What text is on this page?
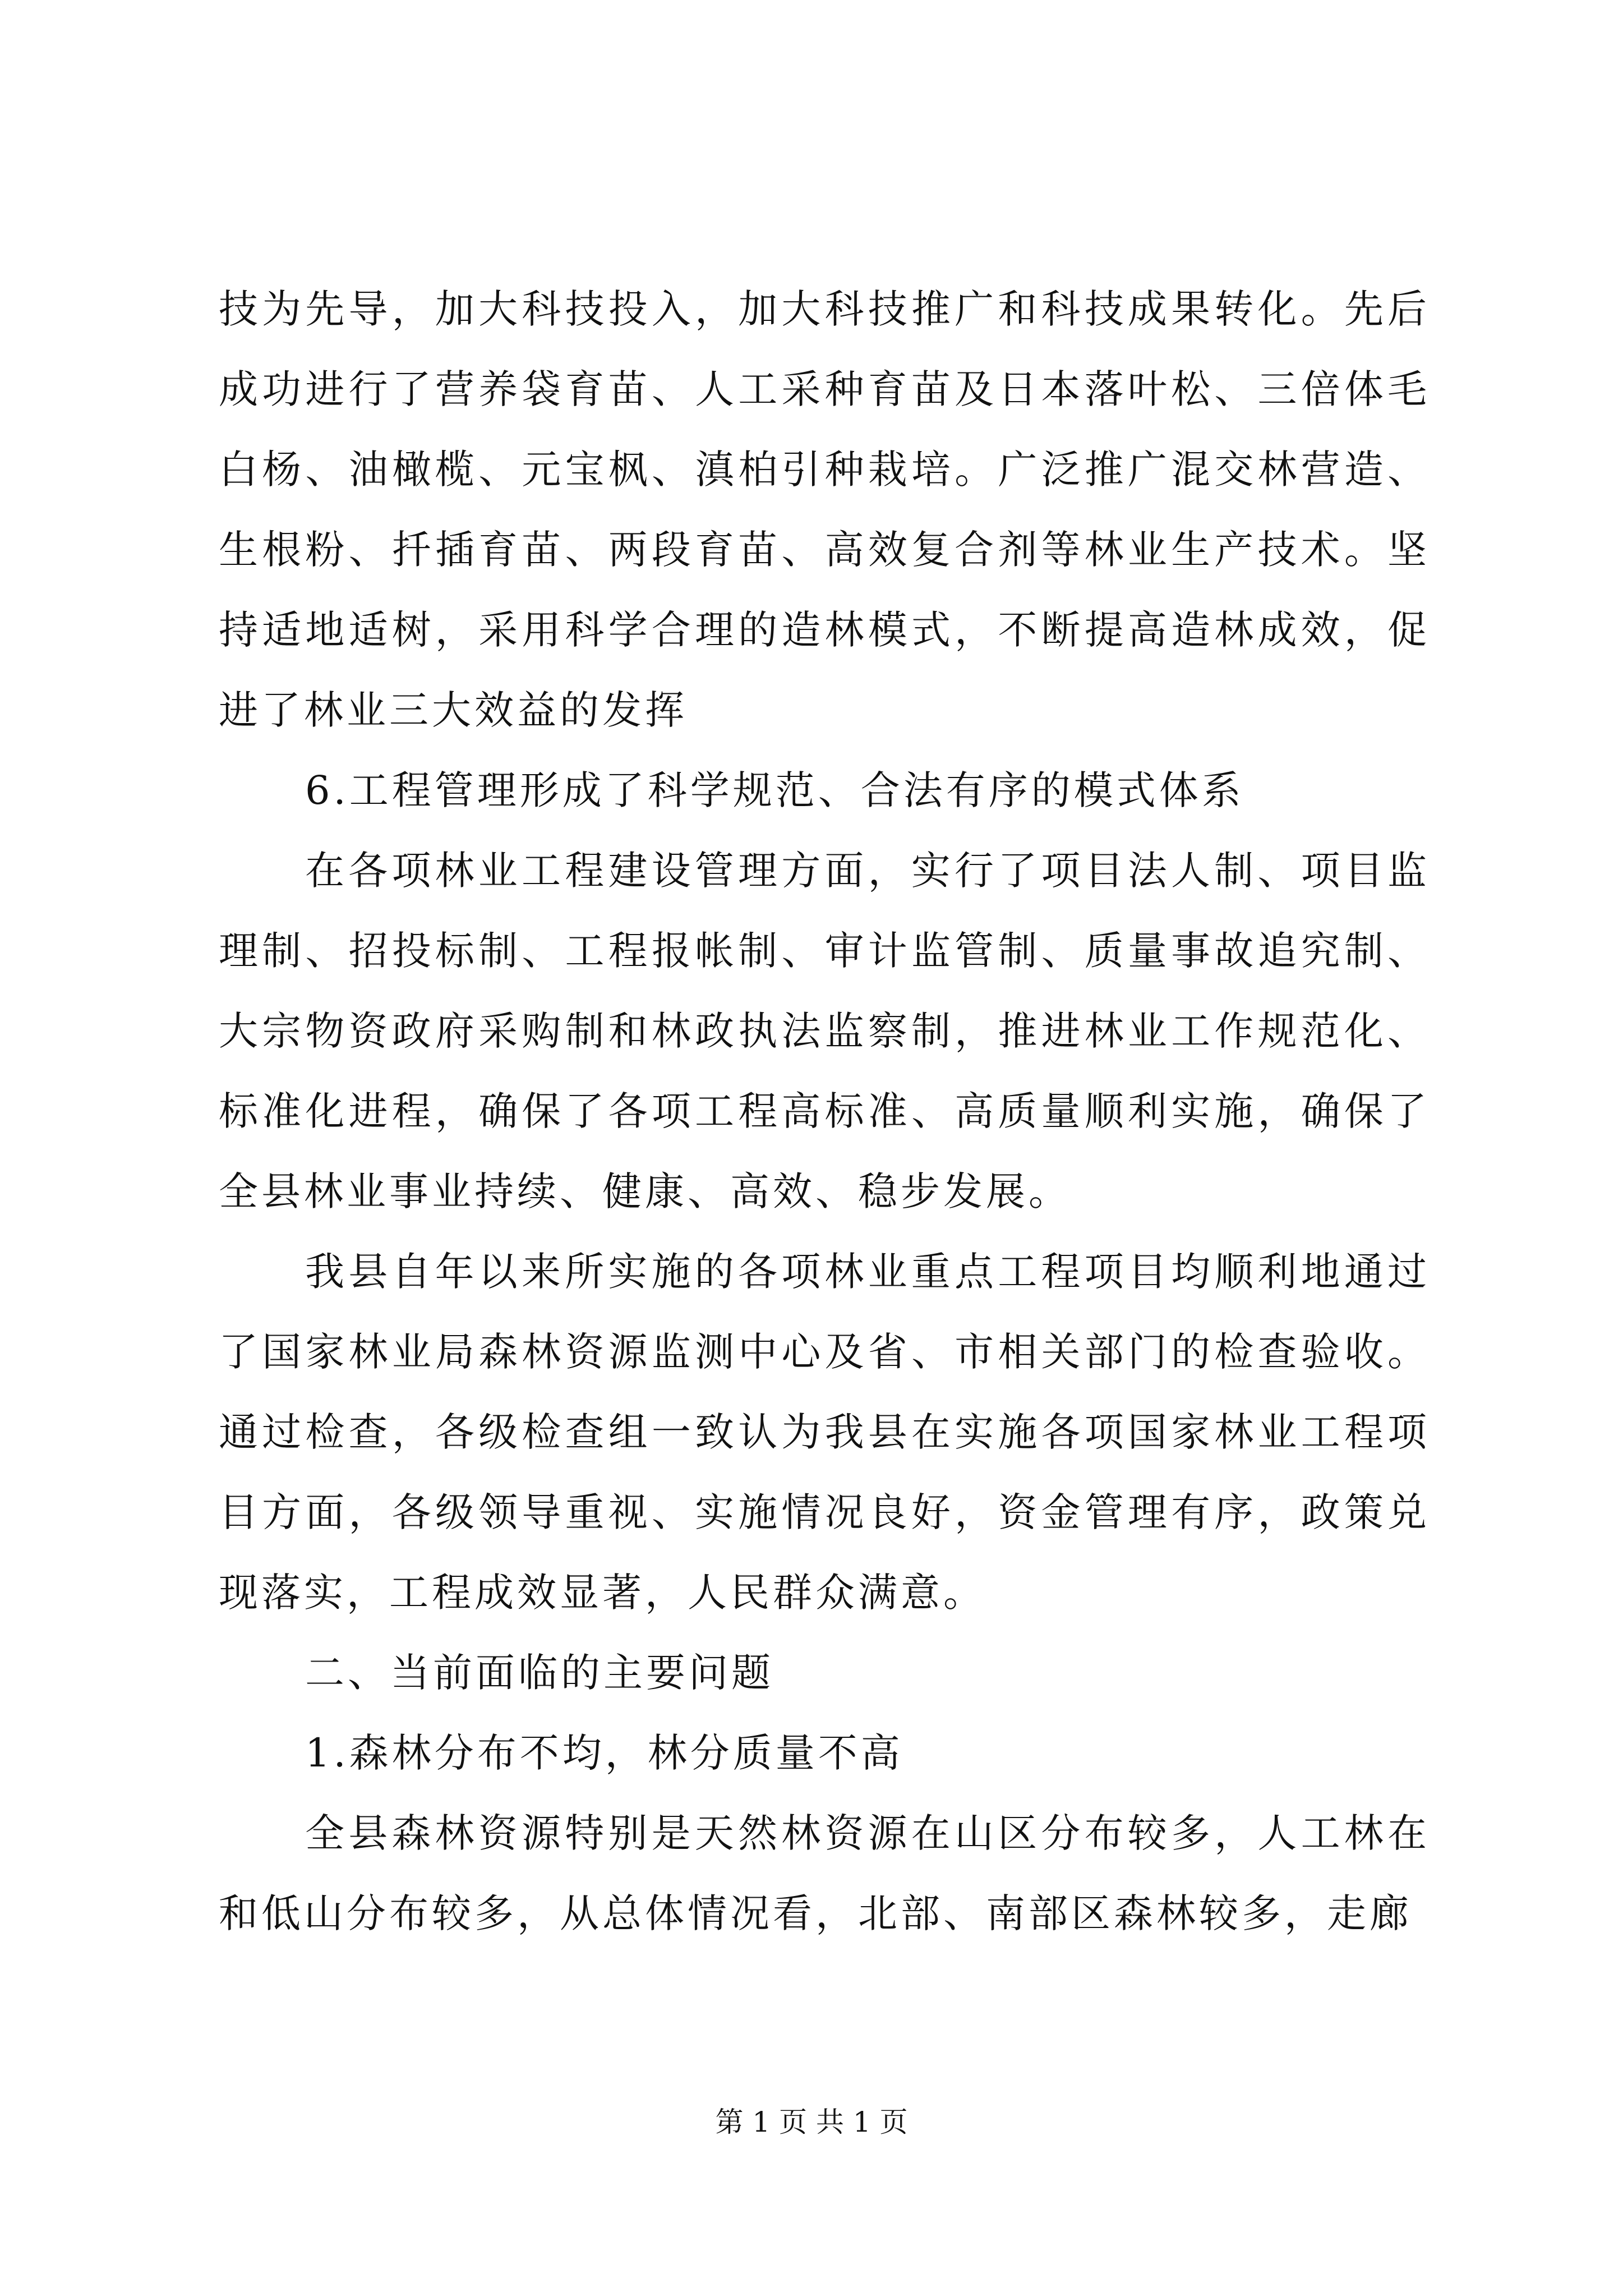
技为先导，加大科技投入，加大科技推广和科技成果转化。先后成功进行了营养袋育苗、人工采种育苗及日本落叶松、三倍体毛白杨、油橄榄、元宝枫、滇柏引种栽培。广泛推广混交林营造、生根粉、扦插育苗、两段育苗、高效复合剂等林业生产技术。坚持适地适树，采用科学合理的造林模式，不断提高造林成效，促进了林业三大效益的发挥

6.工程管理形成了科学规范、合法有序的模式体系

在各项林业工程建设管理方面，实行了项目法人制、项目监理制、招投标制、工程报帐制、审计监管制、质量事故追究制、大宗物资政府采购制和林政执法监察制，推进林业工作规范化、标准化进程，确保了各项工程高标准、高质量顺利实施，确保了全县林业事业持续、健康、高效、稳步发展。

我县自年以来所实施的各项林业重点工程项目均顺利地通过了国家林业局森林资源监测中心及省、市相关部门的检查验收。通过检查，各级检查组一致认为我县在实施各项国家林业工程项目方面，各级领导重视、实施情况良好，资金管理有序，政策兑现落实，工程成效显著，人民群众满意。

二、当前面临的主要问题

1.森林分布不均，林分质量不高

全县森林资源特别是天然林资源在山区分布较多，人工林在和低山分布较多，从总体情况看，北部、南部区森林较多，走廊

第 1 页 共 1 页
